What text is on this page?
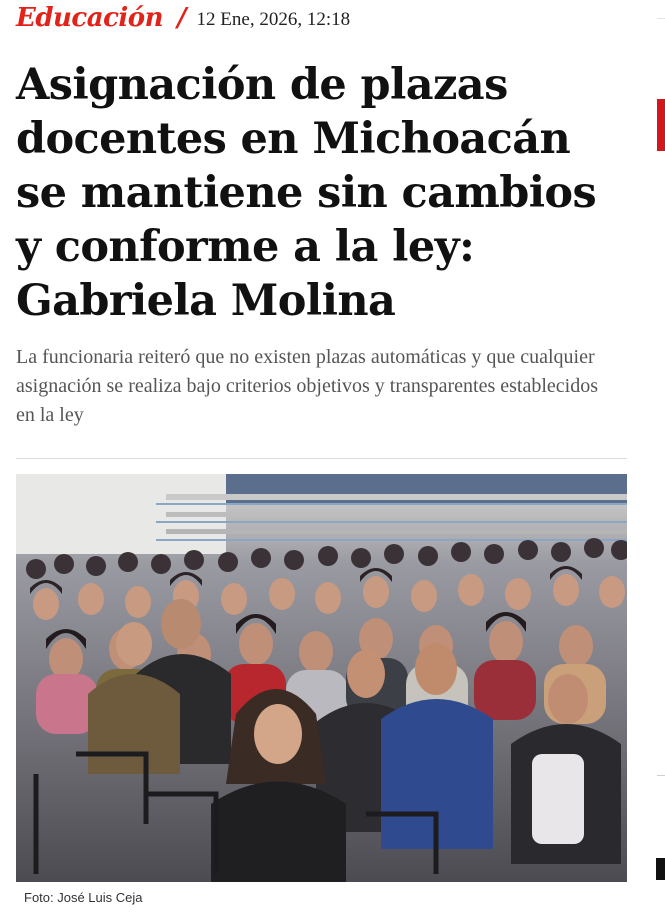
Educación / 12 Ene, 2026, 12:18
Asignación de plazas docentes en Michoacán se mantiene sin cambios y conforme a la ley: Gabriela Molina

La funcionaria reiteró que no existen plazas automáticas y que cualquier asignación se realiza bajo criterios objetivos y transparentes establecidos en la ley

Foto: José Luis Ceja
